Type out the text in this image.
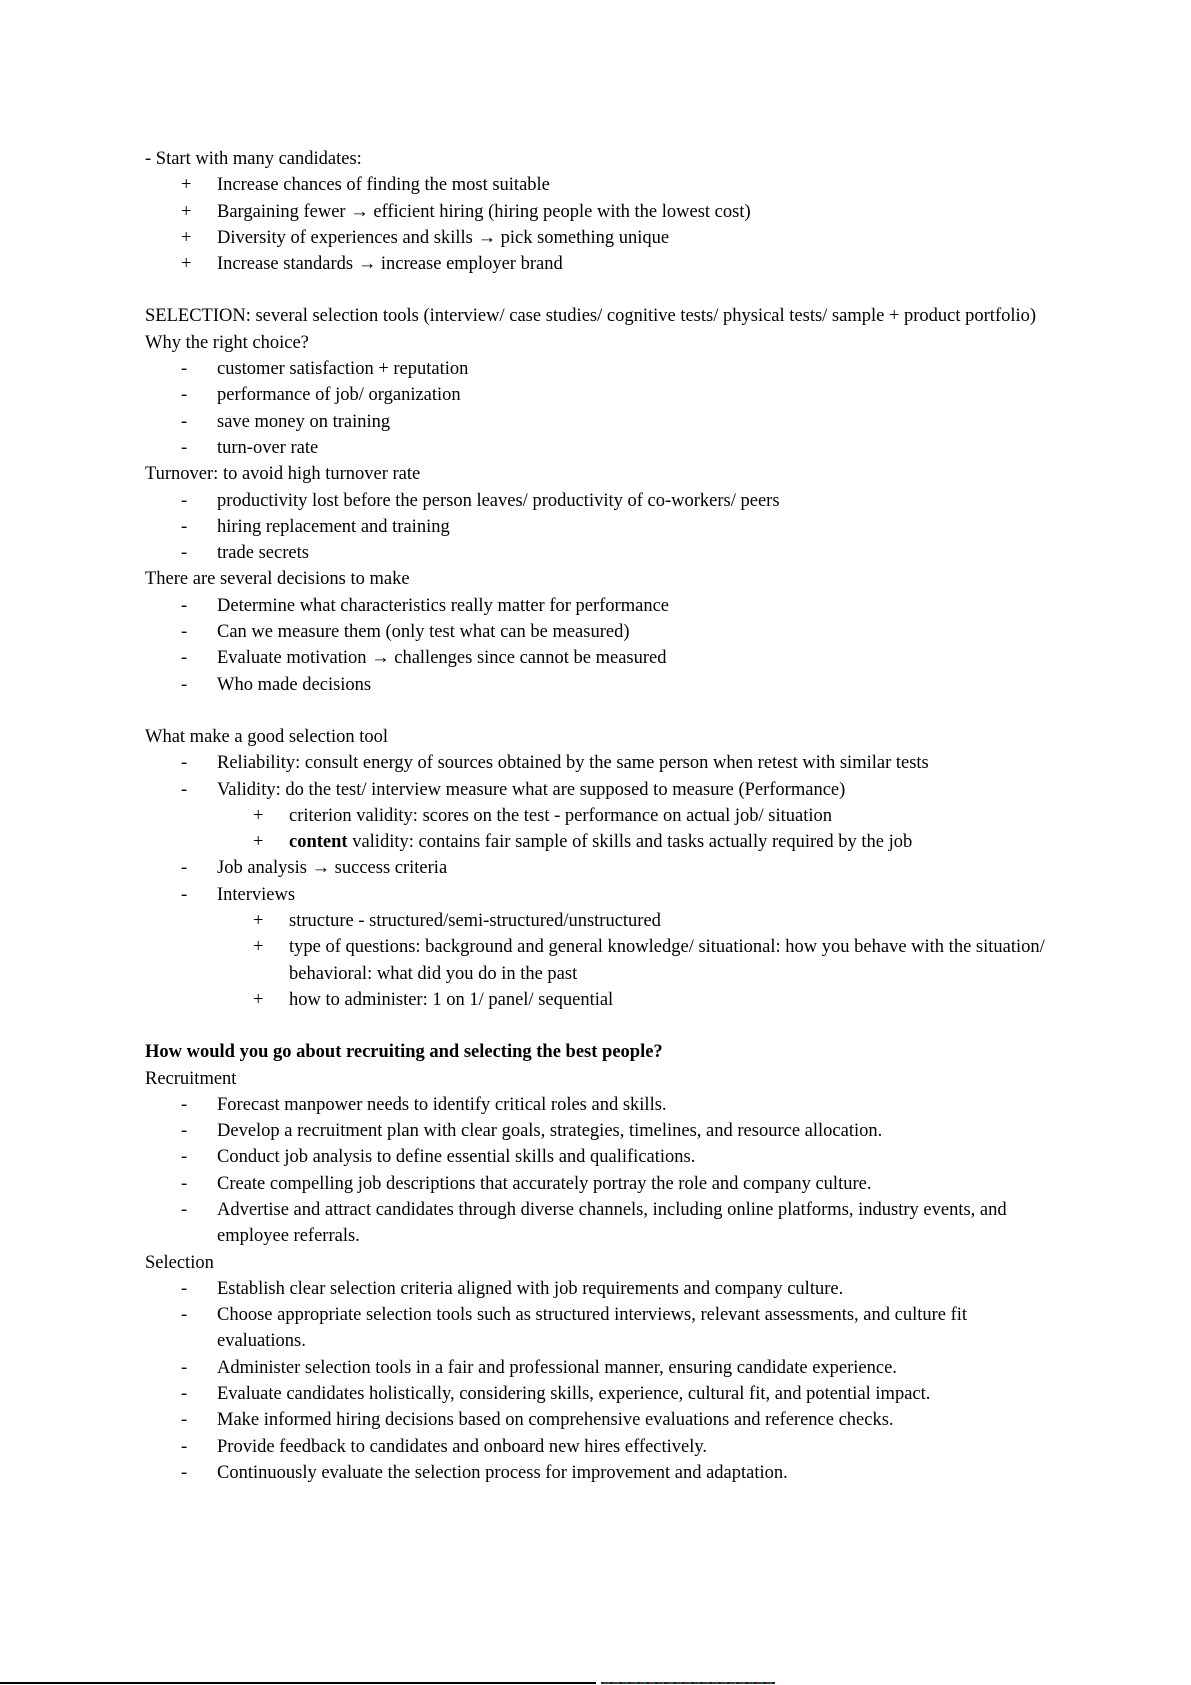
- Start with many candidates:

+ Increase chances of finding the most suitable
+ Bargaining fewer → efficient hiring (hiring people with the lowest cost)
+ Diversity of experiences and skills → pick something unique
+ Increase standards → increase employer brand

SELECTION: several selection tools (interview/ case studies/ cognitive tests/ physical tests/ sample + product portfolio)

Why the right choice?

- customer satisfaction + reputation
- performance of job/ organization
- save money on training
- turn-over rate

Turnover: to avoid high turnover rate

- productivity lost before the person leaves/ productivity of co-workers/ peers
- hiring replacement and training
- trade secrets

There are several decisions to make

- Determine what characteristics really matter for performance
- Can we measure them (only test what can be measured)
- Evaluate motivation → challenges since cannot be measured
- Who made decisions

What make a good selection tool

- Reliability: consult energy of sources obtained by the same person when retest with similar tests
- Validity: do the test/ interview measure what are supposed to measure (Performance)
+ criterion validity: scores on the test - performance on actual job/ situation
+ content validity: contains fair sample of skills and tasks actually required by the job
- Job analysis → success criteria
- Interviews
+ structure - structured/semi-structured/unstructured
+ type of questions: background and general knowledge/ situational: how you behave with the situation/ behavioral: what did you do in the past
+ how to administer: 1 on 1/ panel/ sequential

How would you go about recruiting and selecting the best people?

Recruitment

- Forecast manpower needs to identify critical roles and skills.
- Develop a recruitment plan with clear goals, strategies, timelines, and resource allocation.
- Conduct job analysis to define essential skills and qualifications.
- Create compelling job descriptions that accurately portray the role and company culture.
- Advertise and attract candidates through diverse channels, including online platforms, industry events, and employee referrals.

Selection

- Establish clear selection criteria aligned with job requirements and company culture.
- Choose appropriate selection tools such as structured interviews, relevant assessments, and culture fit evaluations.
- Administer selection tools in a fair and professional manner, ensuring candidate experience.
- Evaluate candidates holistically, considering skills, experience, cultural fit, and potential impact.
- Make informed hiring decisions based on comprehensive evaluations and reference checks.
- Provide feedback to candidates and onboard new hires effectively.
- Continuously evaluate the selection process for improvement and adaptation.
